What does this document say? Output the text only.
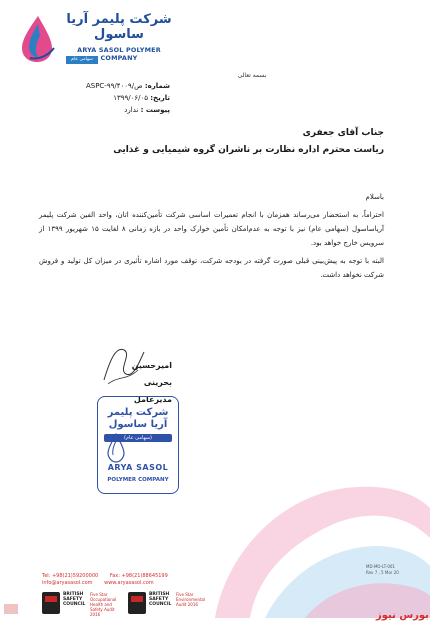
شرکت پلیمر آریا ساسول
ARYA SASOL POLYMER COMPANY
سهامی عام
بسمه تعالی
شماره: ASPC-۹۹/ص/۴۰۰۹
تاریخ: ۱۳۹۹/۰۶/۰۵
پیوست : ندارد
جناب آقای جعفری
ریاست محترم اداره نظارت بر ناشران گروه شیمیایی و غذایی

باسلام

احتراماً، به استحضار می‌رساند همزمان با انجام تعمیرات اساسی شرکت تأمین‌کننده اتان، واحد الفین شرکت پلیمر آریاساسول (سهامی عام) نیز با توجه به عدم‌امکان تأمین خوارک واحد در بازه زمانی ۸ لغایت ۱۵ شهریور ۱۳۹۹ از سرویس خارج خواهد بود.

البته با توجه به پیش‌بینی قبلی صورت گرفته در بودجه شرکت، توقف مورد اشاره تأثیری در میزان کل تولید و فروش شرکت نخواهد داشت.

امیرحسین بحرینی
مدیرعامل
شرکت پلیمر آریا ساسول
(سهامی عام)
ARYA SASOL
POLYMER COMPANY
MD-MO-LT-001
Rev 7 , 5 Mar 20
Tel: +98(21)59200000 Fax: +98(21)88645199
info@aryasasol.com www.aryasasol.com
BRITISH SAFETY COUNCIL
Five Star Occupational Health and Safety Audit 2016
BRITISH SAFETY COUNCIL
Five Star Environmental Audit 2016
بورس نیوز
